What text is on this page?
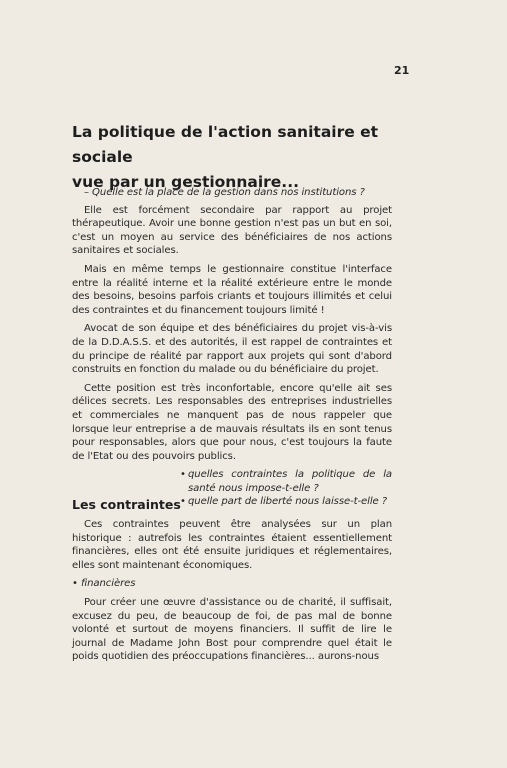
21
La politique de l'action sanitaire et sociale
vue par un gestionnaire...

– Quelle est la place de la gestion dans nos institutions ?

Elle est forcément secondaire par rapport au projet thérapeutique. Avoir une bonne gestion n'est pas un but en soi, c'est un moyen au service des bénéficiaires de nos actions sanitaires et sociales.

Mais en même temps le gestionnaire constitue l'interface entre la réalité interne et la réalité extérieure entre le monde des besoins, besoins parfois criants et toujours illimités et celui des contraintes et du financement toujours limité !

Avocat de son équipe et des bénéficiaires du projet vis-à-vis de la D.D.A.S.S. et des autorités, il est rappel de contraintes et du principe de réalité par rapport aux projets qui sont d'abord construits en fonction du malade ou du bénéficiaire du projet.

Cette position est très inconfortable, encore qu'elle ait ses délices secrets. Les responsables des entreprises industrielles et commerciales ne manquent pas de nous rappeler que lorsque leur entreprise a de mauvais résultats ils en sont tenus pour responsables, alors que pour nous, c'est toujours la faute de l'Etat ou des pouvoirs publics.

• quelles contraintes la politique de la santé nous impose-t-elle ?
• quelle part de liberté nous laisse-t-elle ?
Les contraintes

Ces contraintes peuvent être analysées sur un plan historique : autrefois les contraintes étaient essentiellement financières, elles ont été ensuite juridiques et réglementaires, elles sont maintenant économiques.

• financières

Pour créer une œuvre d'assistance ou de charité, il suffisait, excusez du peu, de beaucoup de foi, de pas mal de bonne volonté et surtout de moyens financiers. Il suffit de lire le journal de Madame John Bost pour comprendre quel était le poids quotidien des préoccupations financières... aurons-nous
